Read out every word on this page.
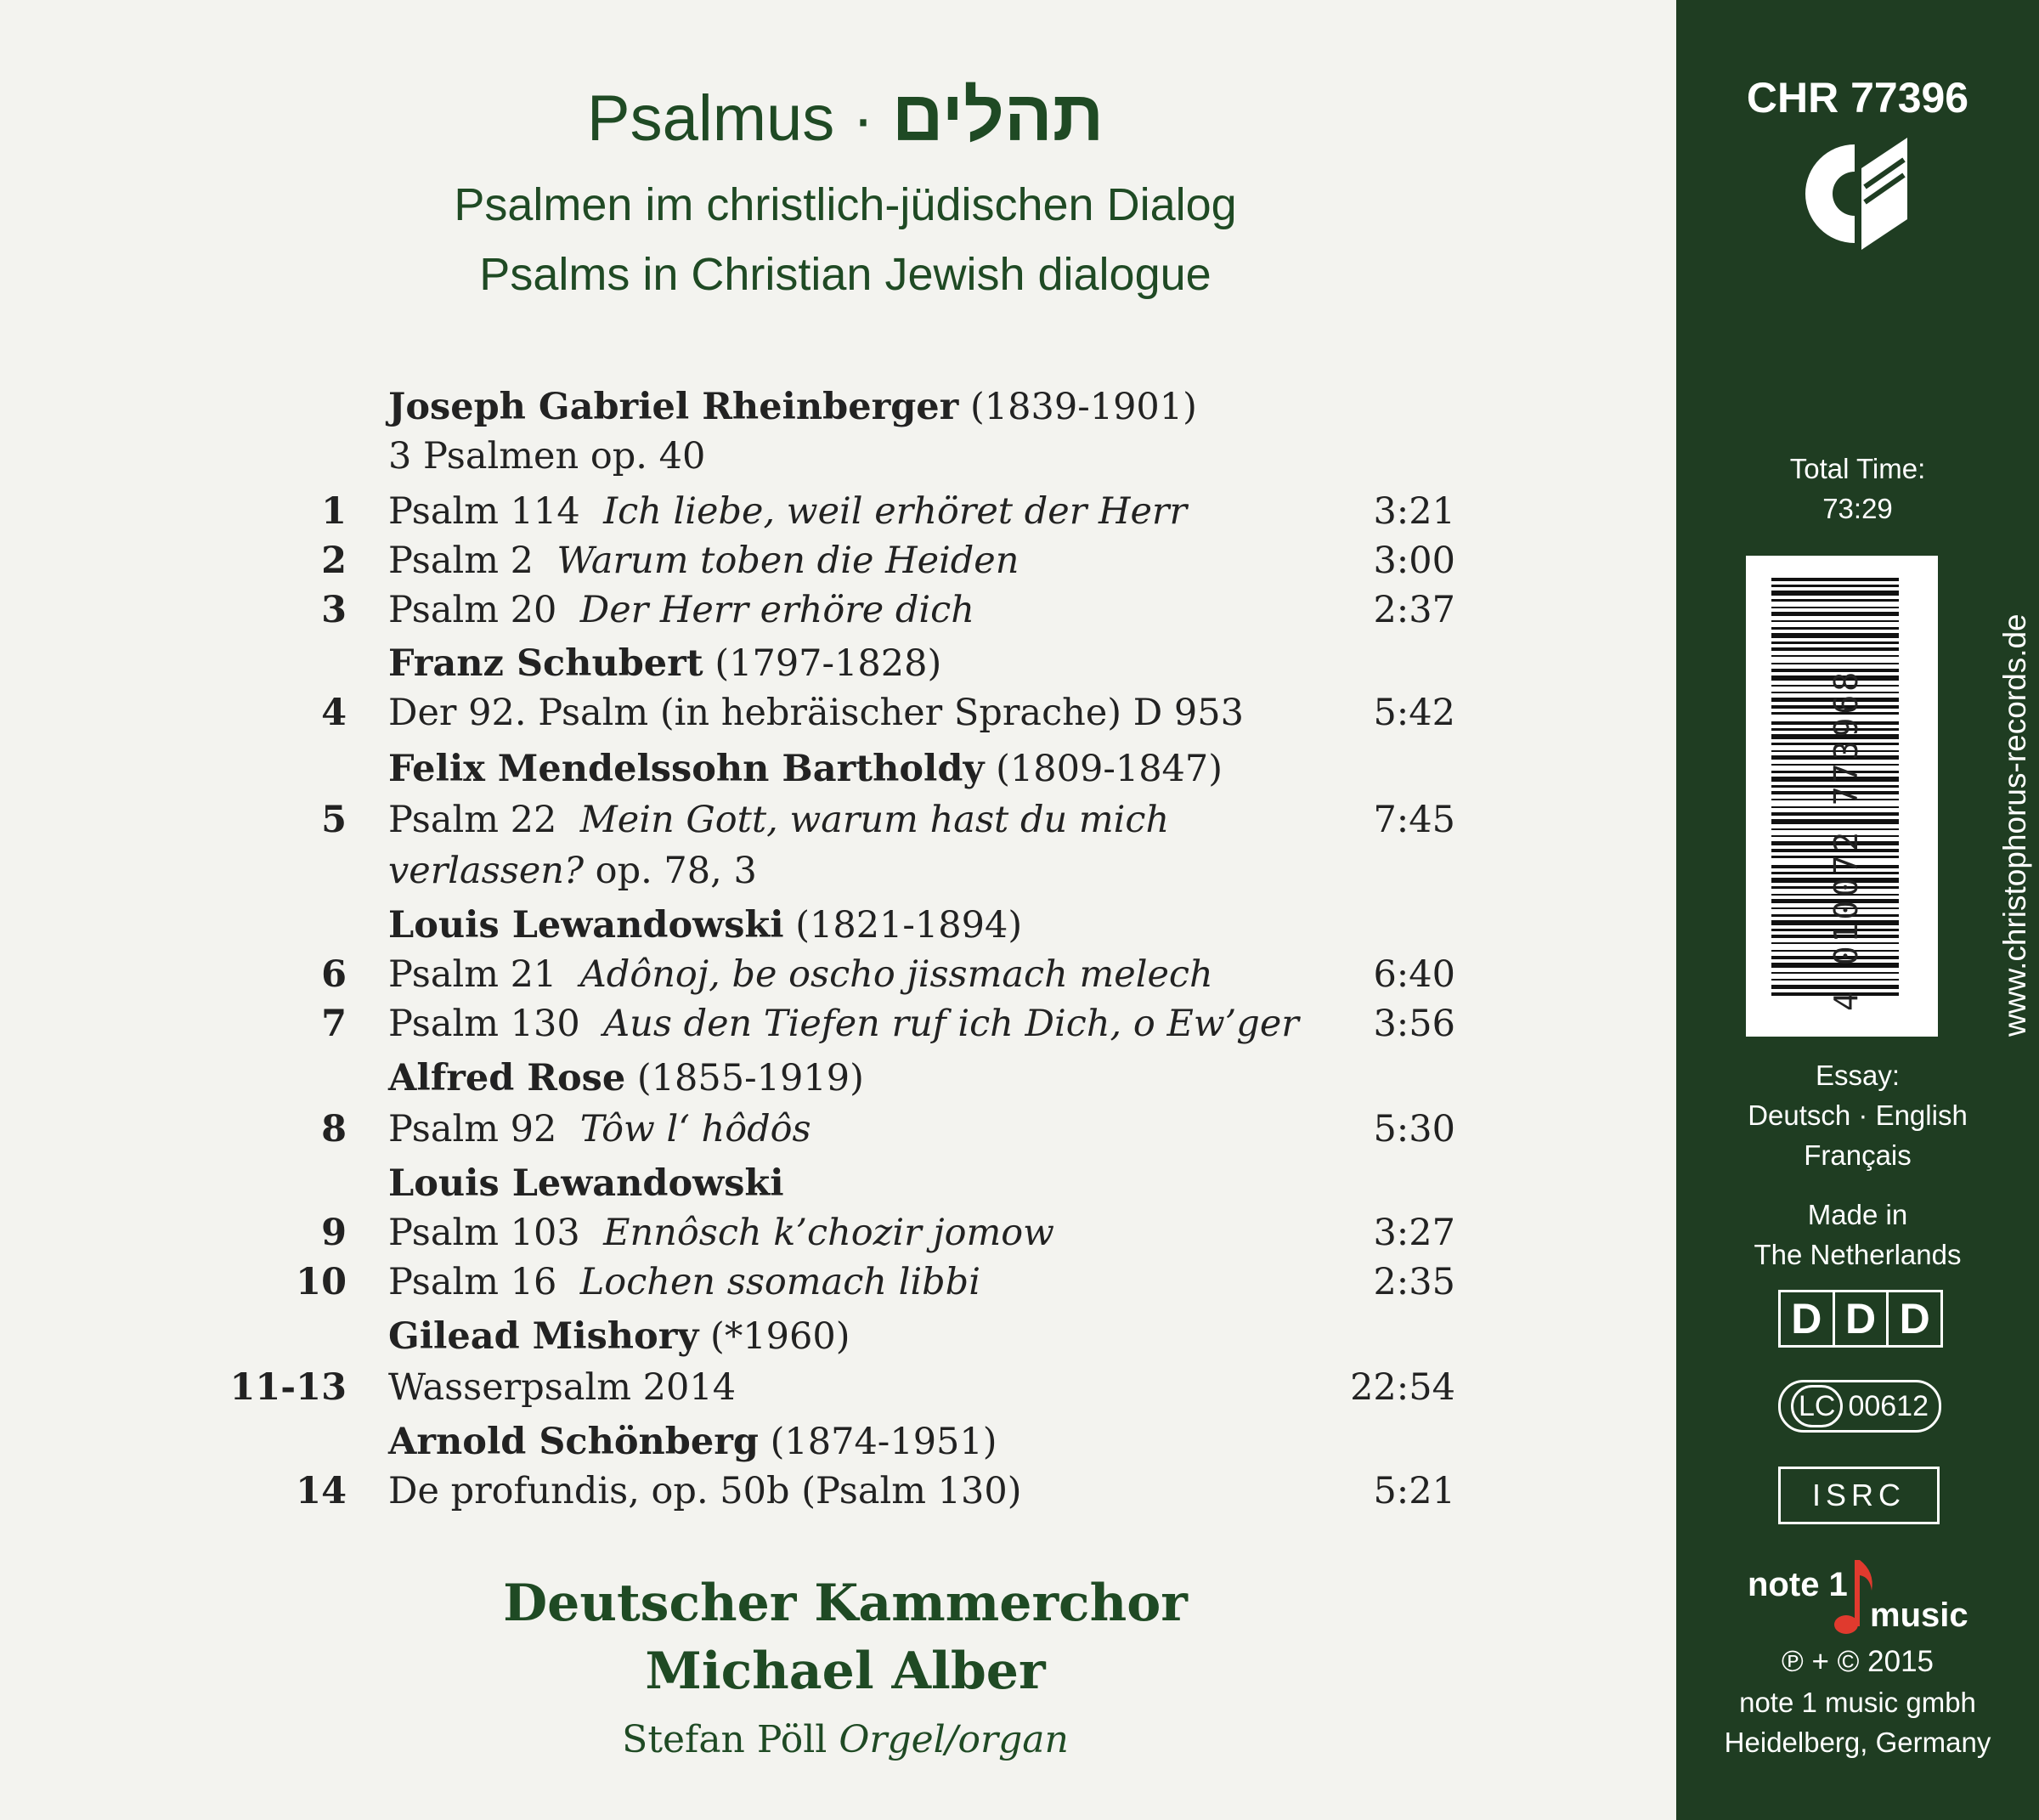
Psalmus · תהלים
Psalmen im christlich-jüdischen Dialog
Psalms in Christian Jewish dialogue
Joseph Gabriel Rheinberger (1839-1901)
3 Psalmen op. 40
1 Psalm 114 Ich liebe, weil erhöret der Herr	3:21
2 Psalm 2 Warum toben die Heiden	3:00
3 Psalm 20 Der Herr erhöre dich	2:37
Franz Schubert (1797-1828)
4 Der 92. Psalm (in hebräischer Sprache) D 953	5:42
Felix Mendelssohn Bartholdy (1809-1847)
5 Psalm 22 Mein Gott, warum hast du mich	7:45
verlassen? op. 78, 3
Louis Lewandowski (1821-1894)
6 Psalm 21 Adônoj, be oscho jissmach melech	6:40
7 Psalm 130 Aus den Tiefen ruf ich Dich, o Ew’ger 3:56
Alfred Rose (1855-1919)
8 Psalm 92 Tôw l‘ hôdôs	5:30
Louis Lewandowski
9 Psalm 103 Ennôsch k’chozir jomow	3:27
10 Psalm 16 Lochen ssomach libbi	2:35
Gilead Mishory (*1960)
11-13 Wasserpsalm 2014	22:54
Arnold Schönberg (1874-1951)
14 De profundis, op. 50b (Psalm 130)	5:21
Deutscher Kammerchor
Michael Alber
Stefan Pöll Orgel/organ
CHR 77396
Total Time:
73:29
4 010072 773968	www.christophorus-records.de
Essay:
Deutsch · English
Français
Made in
The Netherlands
D D D
LC 00612
ISRC
note 1
music
℗ + © 2015
note 1 music gmbh
Heidelberg, Germany
